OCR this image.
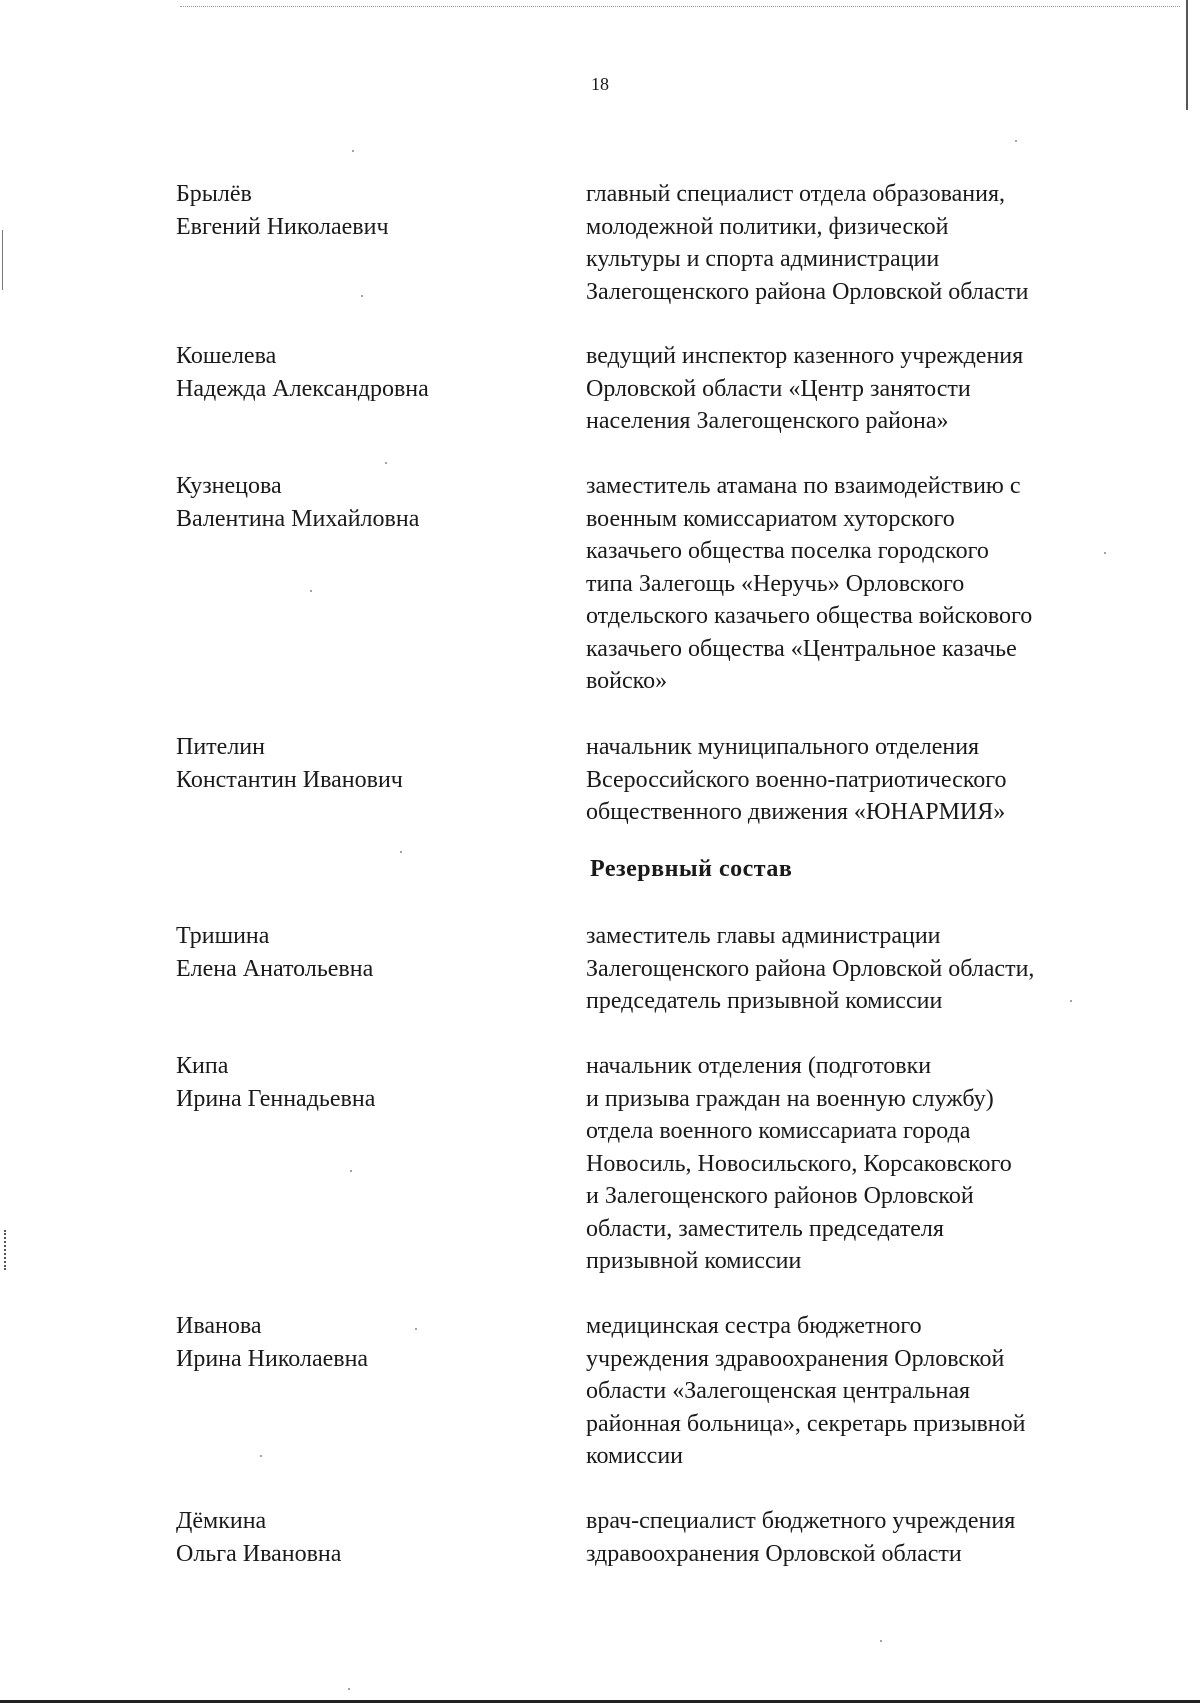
18
Брылёв
Евгений Николаевич
главный специалист отдела образования,
молодежной политики, физической
культуры и спорта администрации
Залегощенского района Орловской области
Кошелева
Надежда Александровна
ведущий инспектор казенного учреждения
Орловской области «Центр занятости
населения Залегощенского района»
Кузнецова
Валентина Михайловна
заместитель атамана по взаимодействию с
военным комиссариатом хуторского
казачьего общества поселка городского
типа Залегощь «Неручь» Орловского
отдельского казачьего общества войскового
казачьего общества «Центральное казачье
войско»
Пителин
Константин Иванович
начальник муниципального отделения
Всероссийского военно-патриотического
общественного движения «ЮНАРМИЯ»
Резервный состав
Тришина
Елена Анатольевна
заместитель главы администрации
Залегощенского района Орловской области,
председатель призывной комиссии
Кипа
Ирина Геннадьевна
начальник отделения (подготовки
и призыва граждан на военную службу)
отдела военного комиссариата города
Новосиль, Новосильского, Корсаковского
и Залегощенского районов Орловской
области, заместитель председателя
призывной комиссии
Иванова
Ирина Николаевна
медицинская сестра бюджетного
учреждения здравоохранения Орловской
области «Залегощенская центральная
районная больница», секретарь призывной
комиссии
Дёмкина
Ольга Ивановна
врач-специалист бюджетного учреждения
здравоохранения Орловской области
